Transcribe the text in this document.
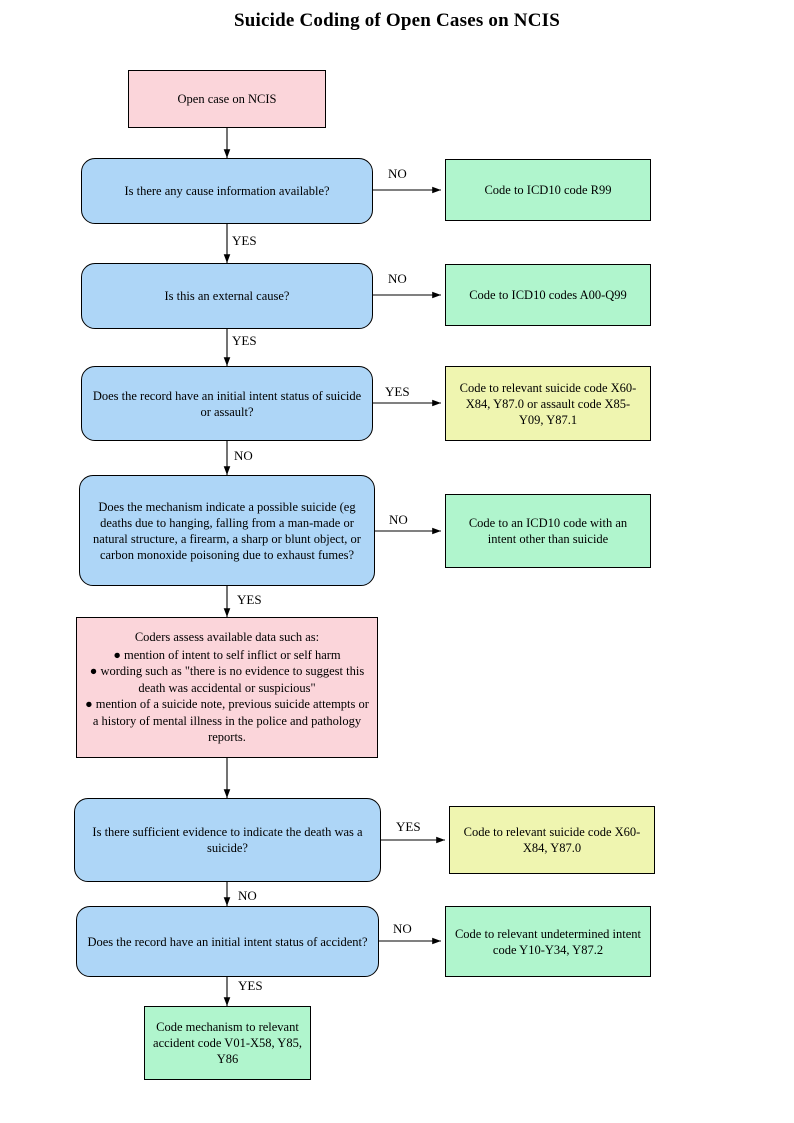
Suicide Coding of Open Cases on NCIS
Open case on NCIS
Is there any cause information available?	Code to ICD10 code R99
Is this an external cause?	Code to ICD10 codes A00-Q99
Does the record have an initial intent status of suicide or assault?
Code to relevant suicide code X60-X84, Y87.0 or assault code X85-Y09, Y87.1
Does the mechanism indicate a possible suicide (eg deaths due to hanging, falling from a man-made or natural structure, a firearm, a sharp or blunt object, or carbon monoxide poisoning due to exhaust fumes?
Code to an ICD10 code with an intent other than suicide
Coders assess available data such as:
● mention of intent to self inflict or self harm
● wording such as "there is no evidence to suggest this death was accidental or suspicious"
● mention of a suicide note, previous suicide attempts or a history of mental illness in the police and pathology reports.
Is there sufficient evidence to indicate the death was a suicide?
Code to relevant suicide code X60-X84, Y87.0
Does the record have an initial intent status of accident?
Code to relevant undetermined intent code Y10-Y34, Y87.2
Code mechanism to relevant accident code V01-X58, Y85, Y86
NO
YES
NO
YES
YES
NO
NO
YES
YES
NO
NO
YES
